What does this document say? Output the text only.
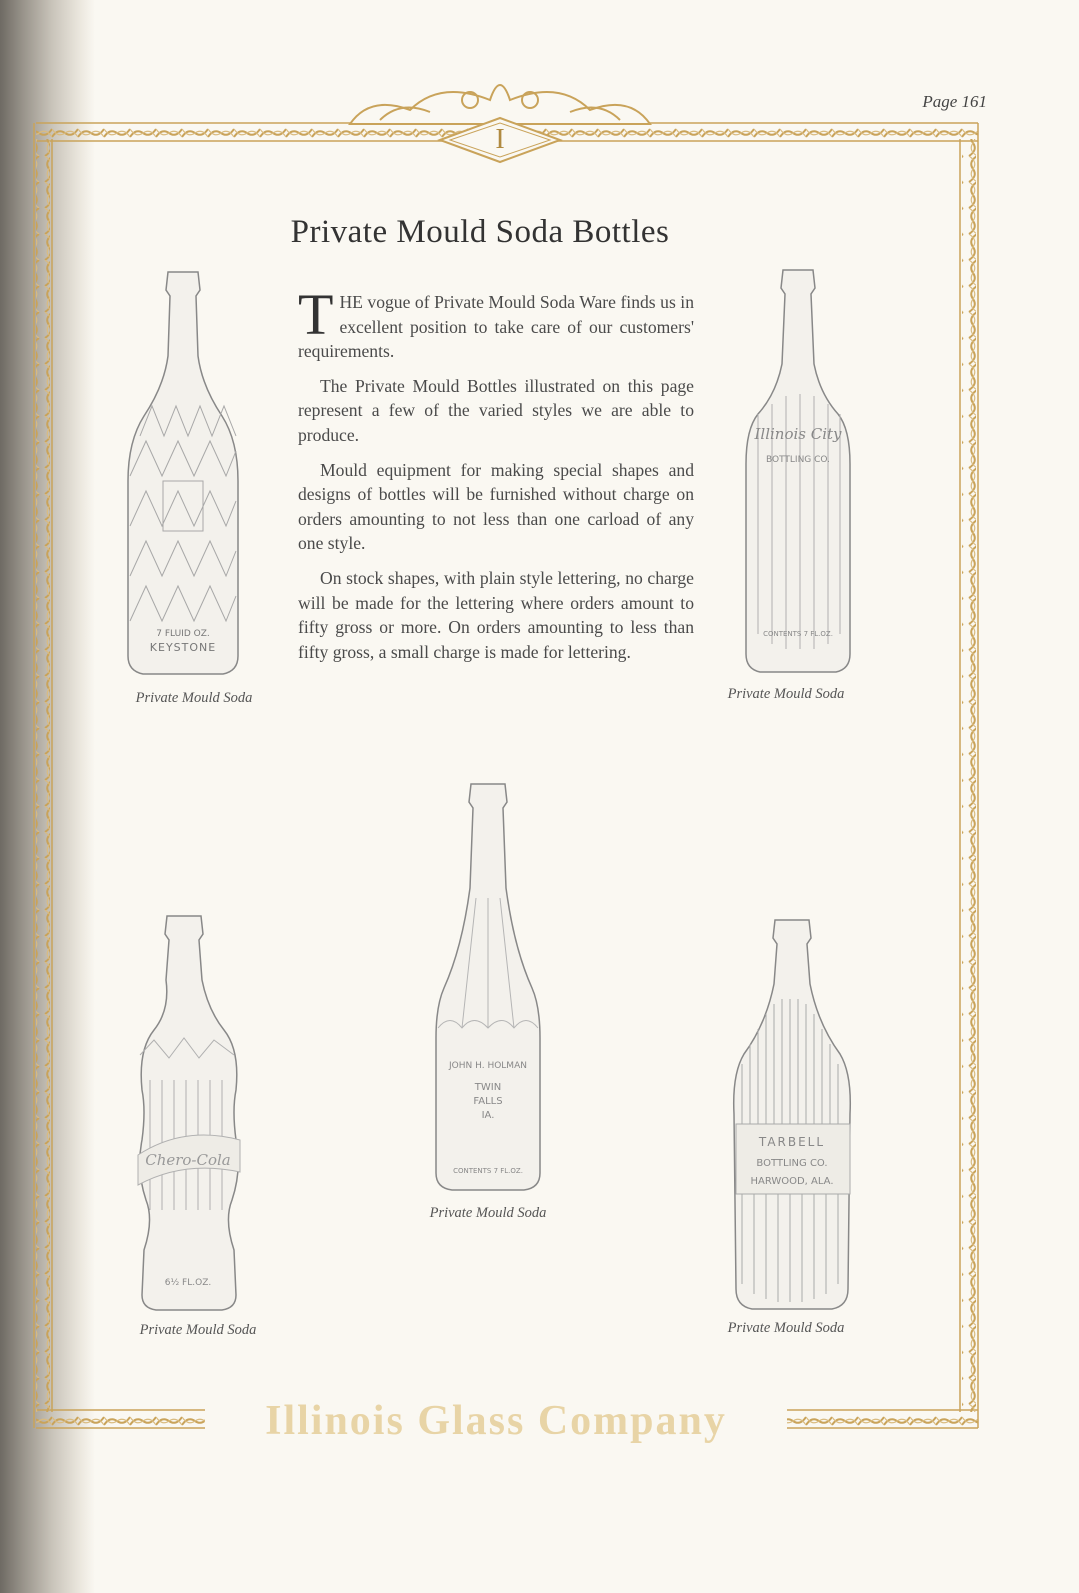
Page 161
I
Private Mould Soda Bottles

THE vogue of Private Mould Soda Ware finds us in excellent position to take care of our customers' requirements.

The Private Mould Bottles illustrated on this page represent a few of the varied styles we are able to produce.

Mould equipment for making special shapes and designs of bottles will be furnished without charge on orders amounting to not less than one carload of any one style.

On stock shapes, with plain style lettering, no charge will be made for the lettering where orders amount to fifty gross or more. On orders amounting to less than fifty gross, a small charge is made for lettering.

7 FLUID OZ.
KEYSTONE
Private Mould Soda
Illinois City
BOTTLING CO.
CONTENTS 7 FL.OZ.
Private Mould Soda
JOHN H. HOLMAN
TWIN
FALLS
IA.
CONTENTS 7 FL.OZ.
Private Mould Soda
Chero-Cola
6½ FL.OZ.
Private Mould Soda
TARBELL
BOTTLING CO.
HARWOOD, ALA.
Private Mould Soda
Illinois Glass Company
